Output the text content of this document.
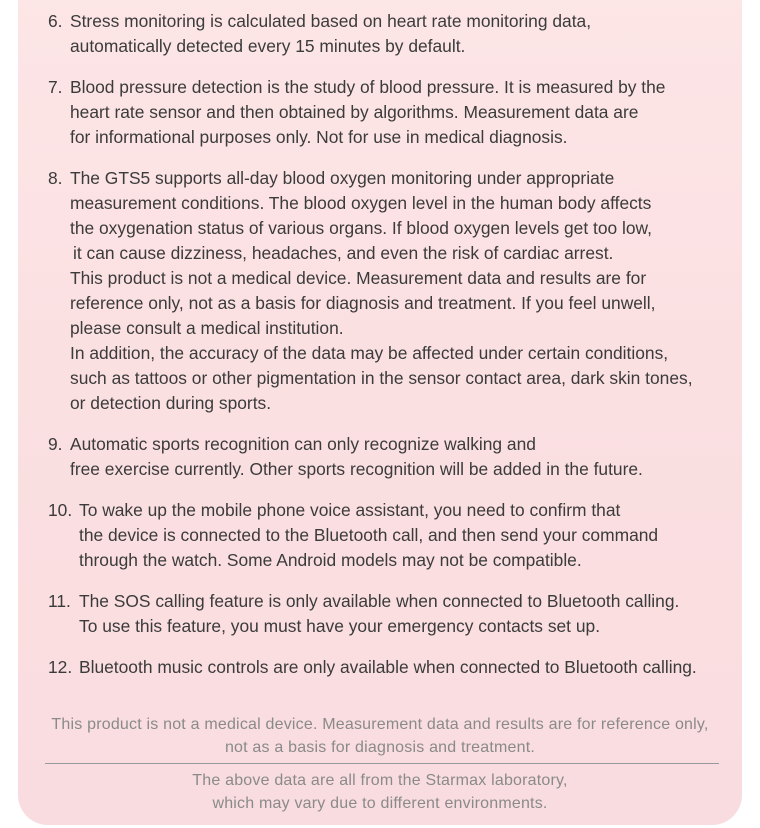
6. Stress monitoring is calculated based on heart rate monitoring data,
automatically detected every 15 minutes by default.
7. Blood pressure detection is the study of blood pressure. It is measured by the
heart rate sensor and then obtained by algorithms. Measurement data are
for informational purposes only. Not for use in medical diagnosis.
8. The GTS5 supports all-day blood oxygen monitoring under appropriate
measurement conditions. The blood oxygen level in the human body affects
the oxygenation status of various organs. If blood oxygen levels get too low,
it can cause dizziness, headaches, and even the risk of cardiac arrest.
This product is not a medical device. Measurement data and results are for
reference only, not as a basis for diagnosis and treatment. If you feel unwell,
please consult a medical institution.
In addition, the accuracy of the data may be affected under certain conditions,
such as tattoos or other pigmentation in the sensor contact area, dark skin tones,
or detection during sports.
9. Automatic sports recognition can only recognize walking and
free exercise currently. Other sports recognition will be added in the future.
10. To wake up the mobile phone voice assistant, you need to confirm that
the device is connected to the Bluetooth call, and then send your command
through the watch. Some Android models may not be compatible.
11. The SOS calling feature is only available when connected to Bluetooth calling.
To use this feature, you must have your emergency contacts set up.
12. Bluetooth music controls are only available when connected to Bluetooth calling.
This product is not a medical device. Measurement data and results are for reference only,
not as a basis for diagnosis and treatment.
The above data are all from the Starmax laboratory,
which may vary due to different environments.
